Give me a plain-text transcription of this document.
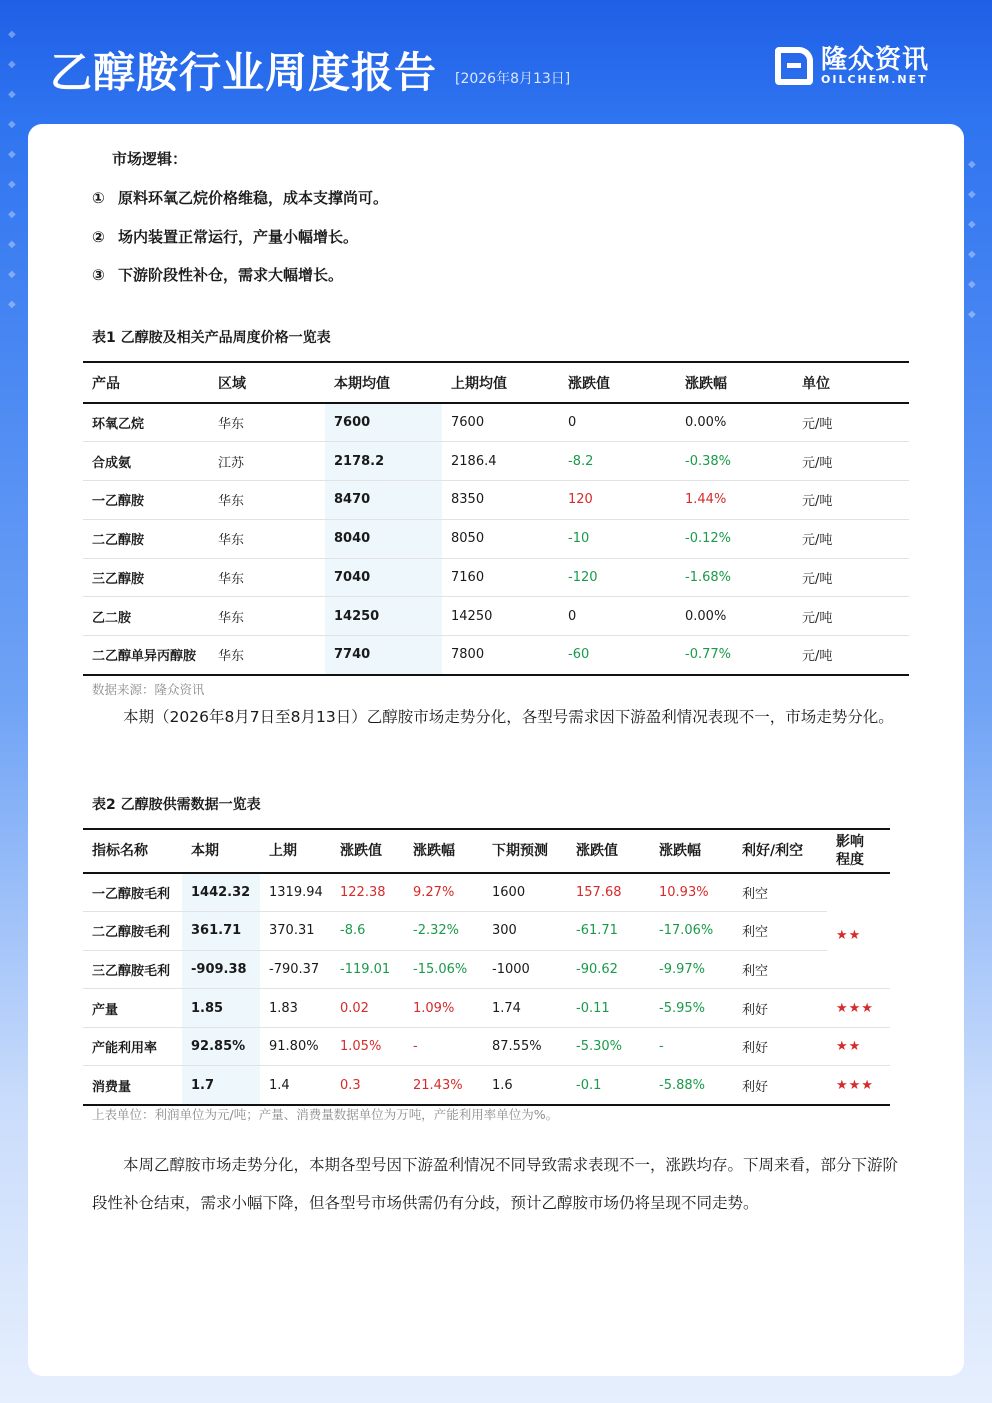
◆
◆
◆
◆
◆
◆
◆
◆
◆
◆
◆
◆
◆
◆
◆
◆
乙醇胺行业周度报告 [2026年8月13日]
隆众资讯
OILCHEM.NET
市场逻辑：
① 原料环氧乙烷价格维稳，成本支撑尚可。
② 场内装置正常运行，产量小幅增长。
③ 下游阶段性补仓，需求大幅增长。
表1 乙醇胺及相关产品周度价格一览表
产品	区域	本期均值	上期均值	涨跌值	涨跌幅	单位
环氧乙烷	华东	7600	7600	0	0.00%	元/吨
合成氨	江苏	2178.2	2186.4	-8.2	-0.38%	元/吨
一乙醇胺	华东	8470	8350	120	1.44%	元/吨
二乙醇胺	华东	8040	8050	-10	-0.12%	元/吨
三乙醇胺	华东	7040	7160	-120	-1.68%	元/吨
乙二胺	华东	14250	14250	0	0.00%	元/吨
二乙醇单异丙醇胺	华东	7740	7800	-60	-0.77%	元/吨
数据来源：隆众资讯
本期（2026年8月7日至8月13日）乙醇胺市场走势分化，各型号需求因下游盈利情况表现不一，市场走势分化。
表2 乙醇胺供需数据一览表
指标名称	本期	上期	涨跌值	涨跌幅	下期预测	涨跌值	涨跌幅	利好/利空	影响
程度
一乙醇胺毛利	1442.32	1319.94	122.38	9.27%	1600	157.68	10.93%	利空	
二乙醇胺毛利	361.71	370.31	-8.6	-2.32%	300	-61.71	-17.06%	利空	★★
三乙醇胺毛利	-909.38	-790.37	-119.01	-15.06%	-1000	-90.62	-9.97%	利空	
产量	1.85	1.83	0.02	1.09%	1.74	-0.11	-5.95%	利好	★★★
产能利用率	92.85%	91.80%	1.05%	-	87.55%	-5.30%	-	利好	★★
消费量	1.7	1.4	0.3	21.43%	1.6	-0.1	-5.88%	利好	★★★
上表单位：利润单位为元/吨；产量、消费量数据单位为万吨，产能利用率单位为%。
本周乙醇胺市场走势分化，本期各型号因下游盈利情况不同导致需求表现不一，涨跌均存。下周来看，部分下游阶段性补仓结束，需求小幅下降，但各型号市场供需仍有分歧，预计乙醇胺市场仍将呈现不同走势。
